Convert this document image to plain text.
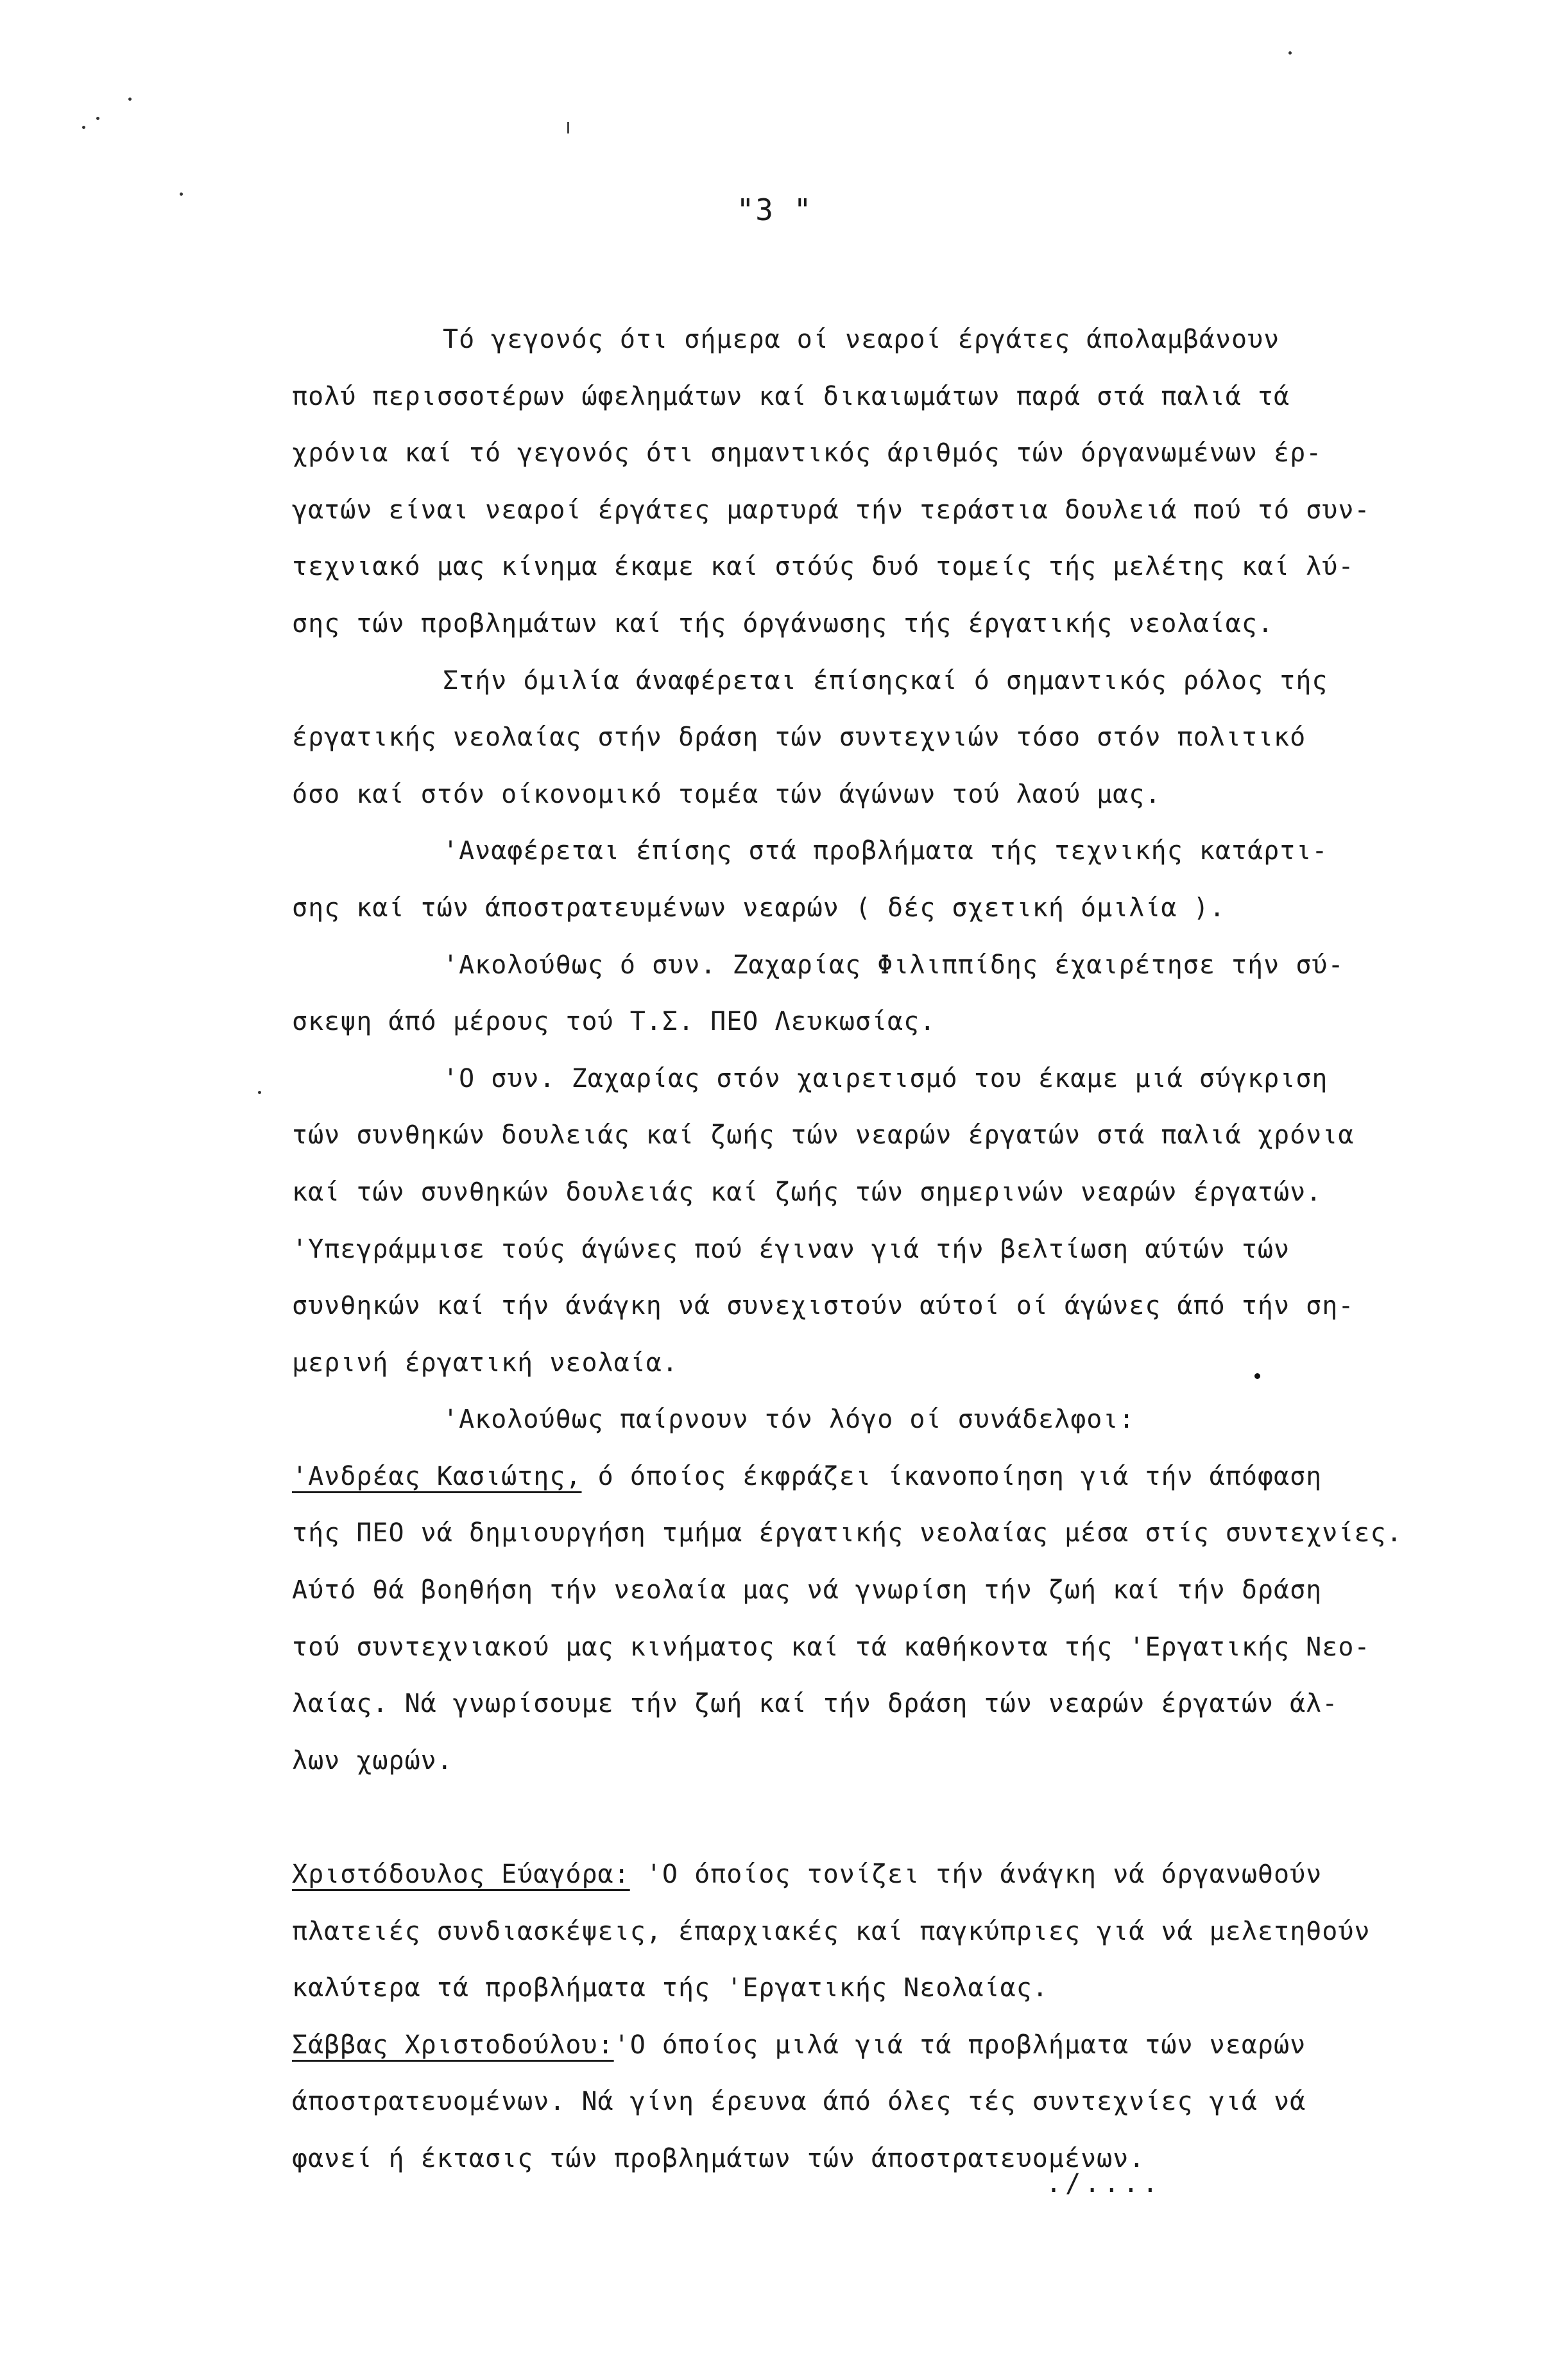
"3 "
Τό γεγονός ότι σήμερα οί νεαροί έργάτες άπολαμβάνουν
πολύ περισσοτέρων ώφελημάτων καί δικαιωμάτων παρά στά παλιά τά
χρόνια καί τό γεγονός ότι σημαντικός άριθμός τών όργανωμένων έρ-
γατών είναι νεαροί έργάτες μαρτυρά τήν τεράστια δουλειά πού τό συν-
τεχνιακό μας κίνημα έκαμε καί στόύς δυό τομείς τής μελέτης καί λύ-
σης τών προβλημάτων καί τής όργάνωσης τής έργατικής νεολαίας.
Στήν όμιλία άναφέρεται έπίσηςκαί ό σημαντικός ρόλος τής
έργατικής νεολαίας στήν δράση τών συντεχνιών τόσο στόν πολιτικό
όσο καί στόν οίκονομικό τομέα τών άγώνων τού λαού μας.
'Αναφέρεται έπίσης στά προβλήματα τής τεχνικής κατάρτι-
σης καί τών άποστρατευμένων νεαρών ( δές σχετική όμιλία ).
'Ακολούθως ό συν. Ζαχαρίας Φιλιππίδης έχαιρέτησε τήν σύ-
σκεψη άπό μέρους τού Τ.Σ. ΠΕΟ Λευκωσίας.
'Ο συν. Ζαχαρίας στόν χαιρετισμό του έκαμε μιά σύγκριση
τών συνθηκών δουλειάς καί ζωής τών νεαρών έργατών στά παλιά χρόνια
καί τών συνθηκών δουλειάς καί ζωής τών σημερινών νεαρών έργατών.
'Υπεγράμμισε τούς άγώνες πού έγιναν γιά τήν βελτίωση αύτών τών
συνθηκών καί τήν άνάγκη νά συνεχιστούν αύτοί οί άγώνες άπό τήν ση-
μερινή έργατική νεολαία.
'Ακολούθως παίρνουν τόν λόγο οί συνάδελφοι:
'Ανδρέας Κασιώτης, ό όποίος έκφράζει ίκανοποίηση γιά τήν άπόφαση
τής ΠΕΟ νά δημιουργήση τμήμα έργατικής νεολαίας μέσα στίς συντεχνίες.
Αύτό θά βοηθήση τήν νεολαία μας νά γνωρίση τήν ζωή καί τήν δράση
τού συντεχνιακού μας κινήματος καί τά καθήκοντα τής 'Εργατικής Νεο-
λαίας. Νά γνωρίσουμε τήν ζωή καί τήν δράση τών νεαρών έργατών άλ-
λων χωρών.
Χριστόδουλος Εύαγόρα: 'Ο όποίος τονίζει τήν άνάγκη νά όργανωθούν
πλατειές συνδιασκέψεις, έπαρχιακές καί παγκύπριες γιά νά μελετηθούν
καλύτερα τά προβλήματα τής 'Εργατικής Νεολαίας.
Σάββας Χριστοδούλου:'Ο όποίος μιλά γιά τά προβλήματα τών νεαρών
άποστρατευομένων. Νά γίνη έρευνα άπό όλες τές συντεχνίες γιά νά
φανεί ή έκτασις τών προβλημάτων τών άποστρατευομένων.
./....
